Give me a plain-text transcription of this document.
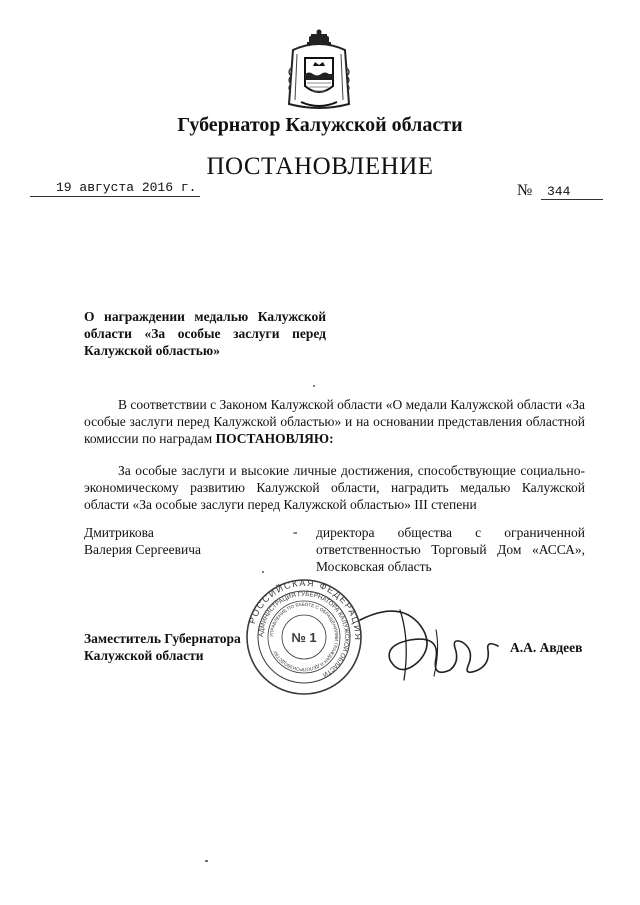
Губернатор Калужской области
ПОСТАНОВЛЕНИЕ
19 августа 2016 г.	№ 344
О награждении медалью Калужской области «За особые заслуги перед Калужской областью»
В соответствии с Законом Калужской области «О медали Калужской области «За особые заслуги перед Калужской областью» и на основании представления областной комиссии по наградам ПОСТАНОВЛЯЮ:
За особые заслуги и высокие личные достижения, способствующие социально-экономическому развитию Калужской области, наградить медалью Калужской области «За особые заслуги перед Калужской областью» III степени
Дмитрикова
Валерия Сергеевича
- директора общества с ограниченной ответственностью Торговый Дом «АССА», Московская область
РОССИЙСКАЯ ФЕДЕРАЦИЯ
АДМИНИСТРАЦИЯ ГУБЕРНАТОРА КАЛУЖСКОЙ ОБЛАСТИ
УПРАВЛЕНИЕ ПО РАБОТЕ С ОБРАЩЕНИЯМИ ГРАЖДАН И ДЕЛОПРОИЗВОДСТВУ
№ 1
Заместитель Губернатора
Калужской области
А.А. Авдеев
